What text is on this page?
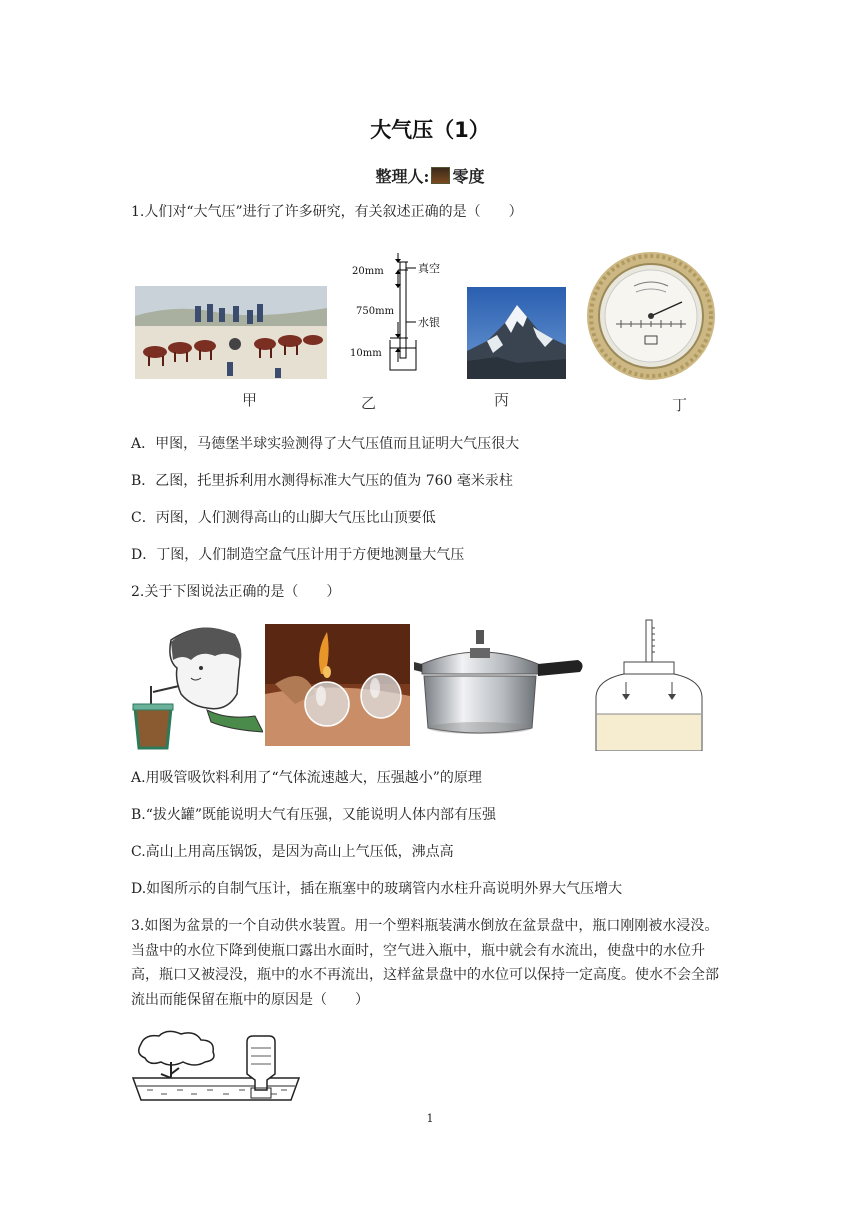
大气压（1）
整理人: 零度
1.人们对“大气压”进行了许多研究，有关叙述正确的是（　　）
甲
20mm
750mm
10mm
真空
水银
乙	丙	丁
A．甲图，马德堡半球实验测得了大气压值而且证明大气压很大
B．乙图，托里拆利用水测得标准大气压的值为 760 毫米汞柱
C．丙图，人们测得高山的山脚大气压比山顶要低
D．丁图，人们制造空盒气压计用于方便地测量大气压
2.关于下图说法正确的是（　　）
A.用吸管吸饮料利用了“气体流速越大，压强越小”的原理
B.“拔火罐”既能说明大气有压强，又能说明人体内部有压强
C.高山上用高压锅饭，是因为高山上气压低，沸点高
D.如图所示的自制气压计，插在瓶塞中的玻璃管内水柱升高说明外界大气压增大
3.如图为盆景的一个自动供水装置。用一个塑料瓶装满水倒放在盆景盘中，瓶口刚刚被水浸没。当盘中的水位下降到使瓶口露出水面时，空气进入瓶中，瓶中就会有水流出，使盘中的水位升高，瓶口又被浸没，瓶中的水不再流出，这样盆景盘中的水位可以保持一定高度。使水不会全部流出而能保留在瓶中的原因是（　　）
1
